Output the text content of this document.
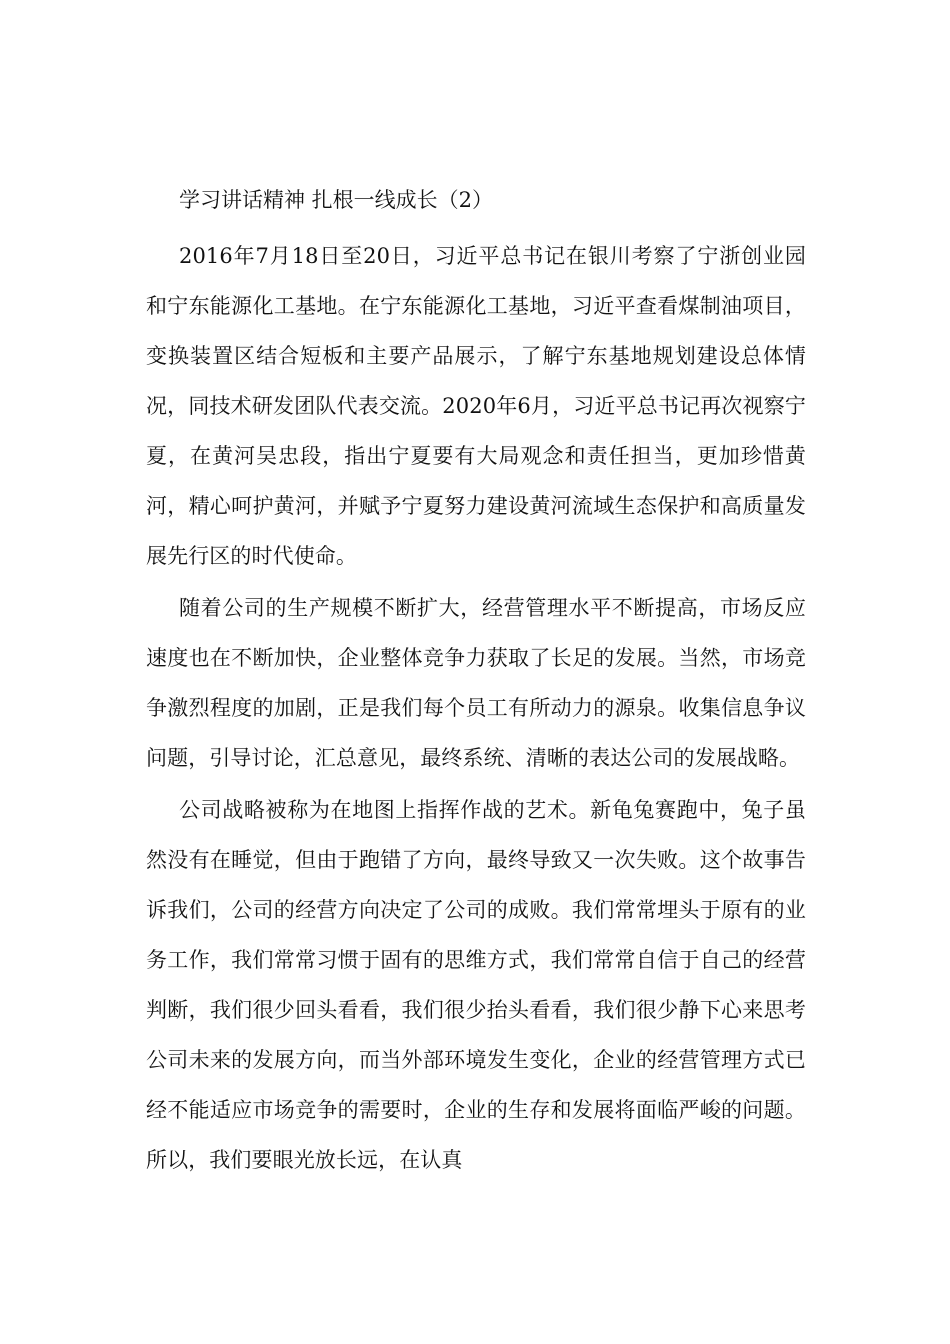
学习讲话精神 扎根一线成长（2）

2016年7月18日至20日，习近平总书记在银川考察了宁浙创业园和宁东能源化工基地。在宁东能源化工基地，习近平查看煤制油项目，变换装置区结合短板和主要产品展示，了解宁东基地规划建设总体情况，同技术研发团队代表交流。2020年6月，习近平总书记再次视察宁夏，在黄河吴忠段，指出宁夏要有大局观念和责任担当，更加珍惜黄河，精心呵护黄河，并赋予宁夏努力建设黄河流域生态保护和高质量发展先行区的时代使命。

随着公司的生产规模不断扩大，经营管理水平不断提高，市场反应速度也在不断加快，企业整体竞争力获取了长足的发展。当然，市场竞争激烈程度的加剧，正是我们每个员工有所动力的源泉。收集信息争议问题，引导讨论，汇总意见，最终系统、清晰的表达公司的发展战略。

公司战略被称为在地图上指挥作战的艺术。新龟兔赛跑中，兔子虽然没有在睡觉，但由于跑错了方向，最终导致又一次失败。这个故事告诉我们，公司的经营方向决定了公司的成败。我们常常埋头于原有的业务工作，我们常常习惯于固有的思维方式，我们常常自信于自己的经营判断，我们很少回头看看，我们很少抬头看看，我们很少静下心来思考公司未来的发展方向，而当外部环境发生变化，企业的经营管理方式已经不能适应市场竞争的需要时，企业的生存和发展将面临严峻的问题。所以，我们要眼光放长远，在认真
